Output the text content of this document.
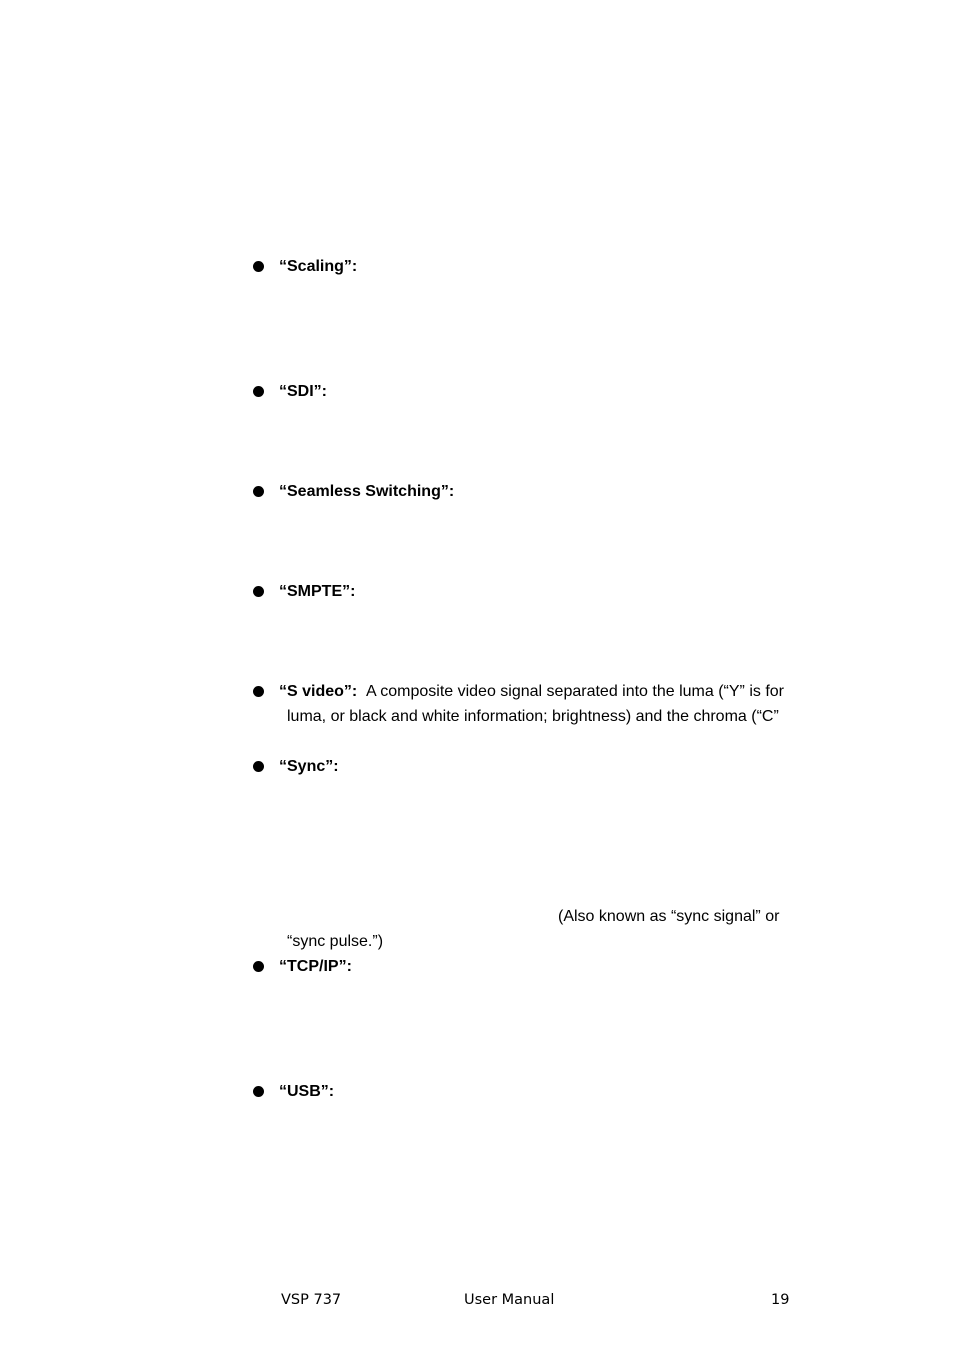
“Scaling”:
“SDI”:
“Seamless Switching”:
“SMPTE”:
“S video”: A composite video signal separated into the luma (“Y” is for
luma, or black and white information; brightness) and the chroma (“C”
“Sync”:
(Also known as “sync signal” or
“sync pulse.”)
“TCP/IP”:
“USB”:
VSP 737	User Manual	19
